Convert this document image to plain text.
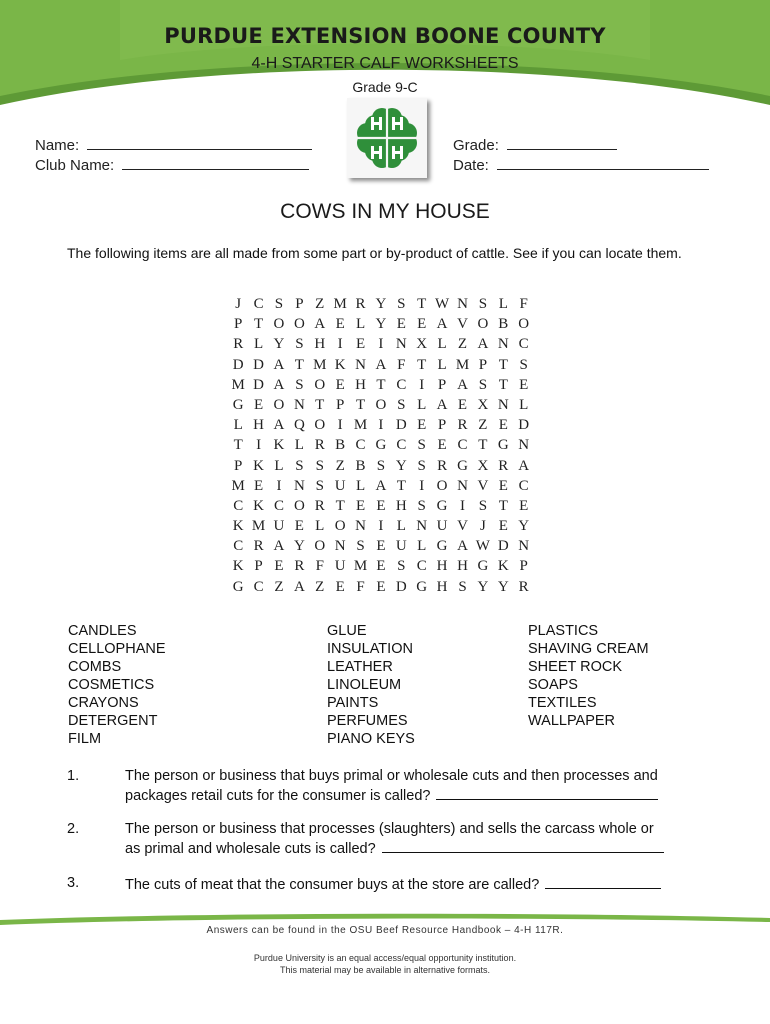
PURDUE EXTENSION BOONE COUNTY
4-H STARTER CALF WORKSHEETS
Grade 9-C
Name:
Club Name:
Grade:
Date:
COWS IN MY HOUSE
The following items are all made from some part or by-product of cattle. See if you can locate them.
J C S P Z M R Y S T W N S L F
P T O O A E L Y E E A V O B O
R L Y S H I E I N X L Z A N C
D D A T M K N A F T L M P T S
M D A S O E H T C I P A S T E
G E O N T P T O S L A E X N L
L H A Q O I M I D E P R Z E D
T I K L R B C G C S E C T G N
P K L S S Z B S Y S R G X R A
M E I N S U L A T I O N V E C
C K C O R T E E H S G I S T E
K M U E L O N I L N U V J E Y
C R A Y O N S E U L G A W D N
K P E R F U M E S C H H G K P
G C Z A Z E F E D G H S Y Y R
CANDLES
CELLOPHANE
COMBS
COSMETICS
CRAYONS
DETERGENT
FILM
GLUE
INSULATION
LEATHER
LINOLEUM
PAINTS
PERFUMES
PIANO KEYS
PLASTICS
SHAVING CREAM
SHEET ROCK
SOAPS
TEXTILES
WALLPAPER
1.	The person or business that buys primal or wholesale cuts and then processes and
packages retail cuts for the consumer is called?
2.	The person or business that processes (slaughters) and sells the carcass whole or
as primal and wholesale cuts is called?
3.	The cuts of meat that the consumer buys at the store are called?
Answers can be found in the OSU Beef Resource Handbook – 4-H 117R.
Purdue University is an equal access/equal opportunity institution.
This material may be available in alternative formats.
